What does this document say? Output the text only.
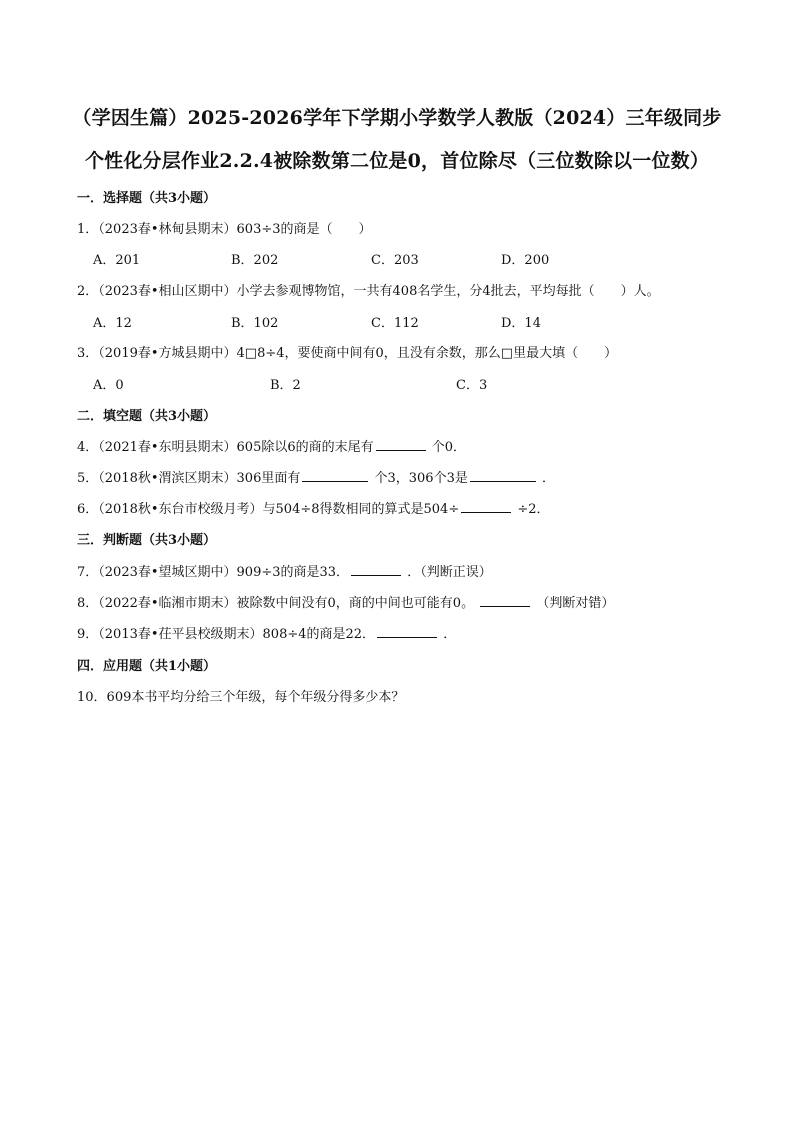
（学因生篇）2025-2026学年下学期小学数学人教版（2024）三年级同步
个性化分层作业2.2.4被除数第二位是0，首位除尽（三位数除以一位数）
一．选择题（共3小题）
1．（2023春•林甸县期末）603÷3的商是（　　）
A．201	B．202	C．203	D．200
2．（2023春•相山区期中）小学去参观博物馆，一共有408名学生，分4批去，平均每批（　　）人。
A．12	B．102	C．112	D．14
3．（2019春•方城县期中）4□8÷4，要使商中间有0，且没有余数，那么□里最大填（　　）
A．0	B．2	C．3
二．填空题（共3小题）
4．（2021春•东明县期末）605除以6的商的末尾有	个0．
5．（2018秋•渭滨区期末）306里面有	个3，306个3是	．
6．（2018秋•东台市校级月考）与504÷8得数相同的算式是504÷	÷2．
三．判断题（共3小题）
7．（2023春•望城区期中）909÷3的商是33．	．（判断正误）
8．（2022春•临湘市期末）被除数中间没有0，商的中间也可能有0。	（判断对错）
9．（2013春•茌平县校级期末）808÷4的商是22．	．
四．应用题（共1小题）
10．609本书平均分给三个年级，每个年级分得多少本？
